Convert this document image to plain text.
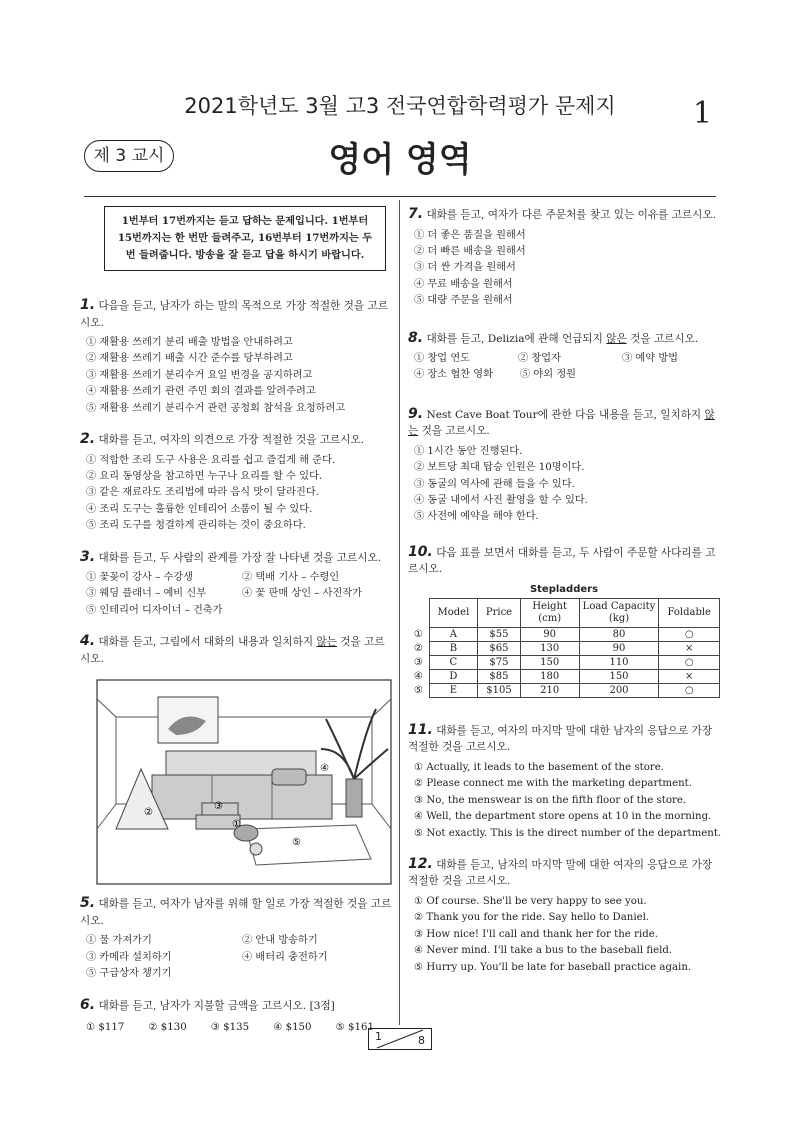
2021학년도 3월 고3 전국연합학력평가 문제지	1
제 3 교시	영어 영역
1번부터 17번까지는 듣고 답하는 문제입니다. 1번부터 15번까지는 한 번만 들려주고, 16번부터 17번까지는 두 번 들려줍니다. 방송을 잘 듣고 답을 하시기 바랍니다.
1. 다음을 듣고, 남자가 하는 말의 목적으로 가장 적절한 것을 고르시오.
① 재활용 쓰레기 분리 배출 방법을 안내하려고
② 재활용 쓰레기 배출 시간 준수를 당부하려고
③ 재활용 쓰레기 분리수거 요일 변경을 공지하려고
④ 재활용 쓰레기 관련 주민 회의 결과를 알려주려고
⑤ 재활용 쓰레기 분리수거 관련 공청회 참석을 요청하려고
2. 대화를 듣고, 여자의 의견으로 가장 적절한 것을 고르시오.
① 적합한 조리 도구 사용은 요리를 쉽고 즐겁게 해 준다.
② 요리 동영상을 참고하면 누구나 요리를 할 수 있다.
③ 같은 재료라도 조리법에 따라 음식 맛이 달라진다.
④ 조리 도구는 훌륭한 인테리어 소품이 될 수 있다.
⑤ 조리 도구를 청결하게 관리하는 것이 중요하다.
3. 대화를 듣고, 두 사람의 관계를 가장 잘 나타낸 것을 고르시오.
① 꽃꽂이 강사 – 수강생	② 택배 기사 – 수령인
③ 웨딩 플래너 – 예비 신부	④ 꽃 판매 상인 – 사진작가
⑤ 인테리어 디자이너 – 건축가
4. 대화를 듣고, 그림에서 대화의 내용과 일치하지 않는 것을 고르시오.
④
②
③
①
⑤
5. 대화를 듣고, 여자가 남자를 위해 할 일로 가장 적절한 것을 고르시오.
① 물 가져가기	② 안내 방송하기
③ 카메라 설치하기	④ 배터리 충전하기
⑤ 구급상자 챙기기
6. 대화를 듣고, 남자가 지불할 금액을 고르시오. [3점]
① $117	② $130	③ $135	④ $150	⑤ $161
7. 대화를 듣고, 여자가 다른 주문처를 찾고 있는 이유를 고르시오.
① 더 좋은 품질을 원해서
② 더 빠른 배송을 원해서
③ 더 싼 가격을 원해서
④ 무료 배송을 원해서
⑤ 대량 주문을 원해서
8. 대화를 듣고, Delizia에 관해 언급되지 않은 것을 고르시오.
① 창업 연도	② 창업자	③ 예약 방법
④ 장소 협찬 영화	⑤ 야외 정원
9. Nest Cave Boat Tour에 관한 다음 내용을 듣고, 일치하지 않는 것을 고르시오.
① 1시간 동안 진행된다.
② 보트당 최대 탑승 인원은 10명이다.
③ 동굴의 역사에 관해 들을 수 있다.
④ 동굴 내에서 사진 촬영을 할 수 있다.
⑤ 사전에 예약을 해야 한다.
10. 다음 표를 보면서 대화를 듣고, 두 사람이 주문할 사다리를 고르시오.
Stepladders
	Model	Price	Height (cm)	Load Capacity (kg)	Foldable
①	A	$55	90	80	○
②	B	$65	130	90	×
③	C	$75	150	110	○
④	D	$85	180	150	×
⑤	E	$105	210	200	○
11. 대화를 듣고, 여자의 마지막 말에 대한 남자의 응답으로 가장 적절한 것을 고르시오.
① Actually, it leads to the basement of the store.
② Please connect me with the marketing department.
③ No, the menswear is on the fifth floor of the store.
④ Well, the department store opens at 10 in the morning.
⑤ Not exactly. This is the direct number of the department.
12. 대화를 듣고, 남자의 마지막 말에 대한 여자의 응답으로 가장 적절한 것을 고르시오.
① Of course. She'll be very happy to see you.
② Thank you for the ride. Say hello to Daniel.
③ How nice! I'll call and thank her for the ride.
④ Never mind. I'll take a bus to the baseball field.
⑤ Hurry up. You'll be late for baseball practice again.
1	8
